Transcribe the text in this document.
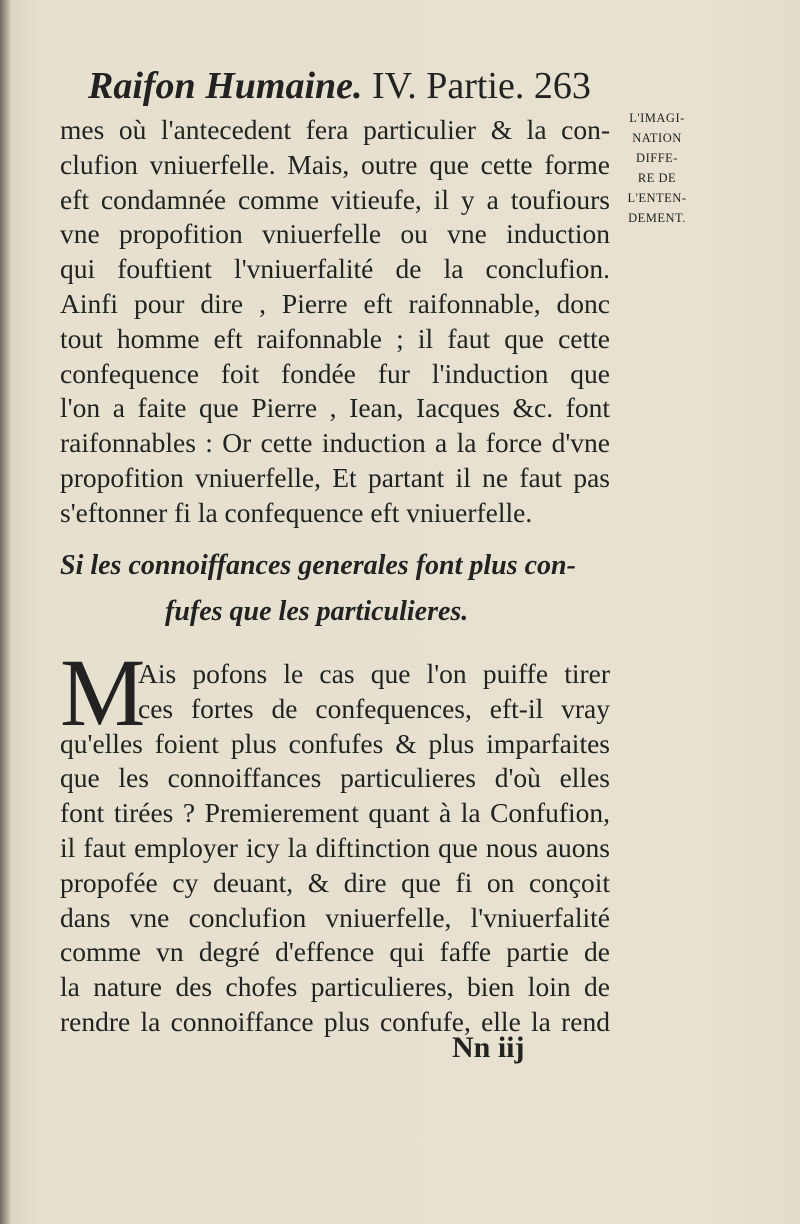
Raifon Humaine. IV. Partie. 263
mes où l'antecedent fera particulier & la con-
clufion vniuerfelle. Mais, outre que cette forme
eft condamnée comme vitieufe, il y a toufiours
vne propofition vniuerfelle ou vne induction
qui fouftient l'vniuerfalité de la conclufion.
Ainfi pour dire , Pierre eft raifonnable, donc
tout homme eft raifonnable ; il faut que cette
confequence foit fondée fur l'induction que
l'on a faite que Pierre , Iean, Iacques &c. font
raifonnables : Or cette induction a la force d'vne
propofition vniuerfelle, Et partant il ne faut pas
s'eftonner fi la confequence eft vniuerfelle.
L'IMAGI-
NATION
DIFFE-
RE DE
L'ENTEN-
DEMENT.
Si les connoiffances generales font plus con-
fufes que les particulieres.
M
Ais pofons le cas que l'on puiffe tirer
ces fortes de confequences, eft-il vray
qu'elles foient plus confufes & plus imparfaites
que les connoiffances particulieres d'où elles
font tirées ? Premierement quant à la Confufion,
il faut employer icy la diftinction que nous auons
propofée cy deuant, & dire que fi on conçoit
dans vne conclufion vniuerfelle, l'vniuerfalité
comme vn degré d'effence qui faffe partie de
la nature des chofes particulieres, bien loin de
rendre la connoiffance plus confufe, elle la rend
Nn iij
